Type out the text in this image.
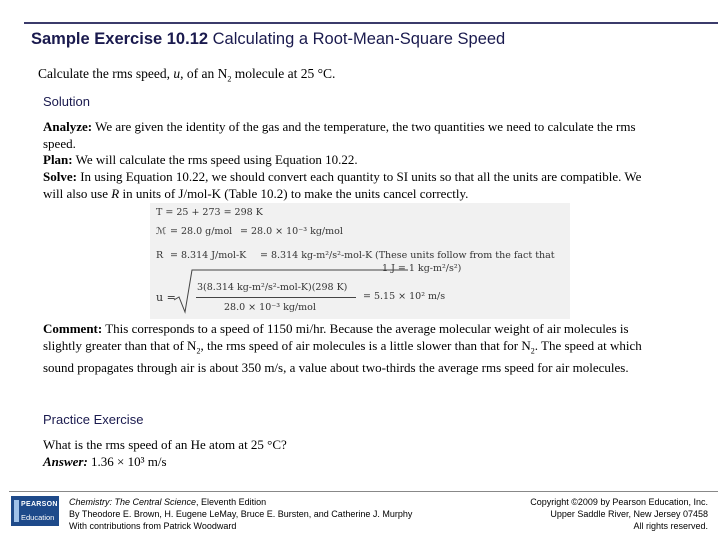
Sample Exercise 10.12 Calculating a Root-Mean-Square Speed
Calculate the rms speed, u, of an $N_2$ molecule at 25 °C.
Solution
Analyze: We are given the identity of the gas and the temperature, the two quantities we need to calculate the rms speed.
Plan: We will calculate the rms speed using Equation 10.22.
Solve: In using Equation 10.22, we should convert each quantity to SI units so that all the units are compatible. We will also use R in units of J/mol-K (Table 10.2) to make the units cancel correctly.
T = 25 + 273 = 298 K
ℳ = 28.0 g/mol = 28.0 × 10⁻³ kg/mol
R = 8.314 J/mol-K = 8.314 kg-m²/s²-mol-K (These units follow from the fact that
1 J = 1 kg-m²/s²)
u =
3(8.314 kg-m²/s²-mol-K)(298 K)
28.0 × 10⁻³ kg/mol
= 5.15 × 10² m/s
Comment: This corresponds to a speed of 1150 mi/hr. Because the average molecular weight of air molecules is slightly greater than that of $N_2$, the rms speed of air molecules is a little slower than that for $N_2$. The speed at which sound propagates through air is about 350 m/s, a value about two-thirds the average rms speed for air molecules.
Practice Exercise
What is the rms speed of an He atom at 25 °C?
Answer: 1.36 × 10³ m/s
PEARSON
Education
Chemistry: The Central Science, Eleventh Edition
By Theodore E. Brown, H. Eugene LeMay, Bruce E. Bursten, and Catherine J. Murphy
With contributions from Patrick Woodward
Copyright ©2009 by Pearson Education, Inc.
Upper Saddle River, New Jersey 07458
All rights reserved.
